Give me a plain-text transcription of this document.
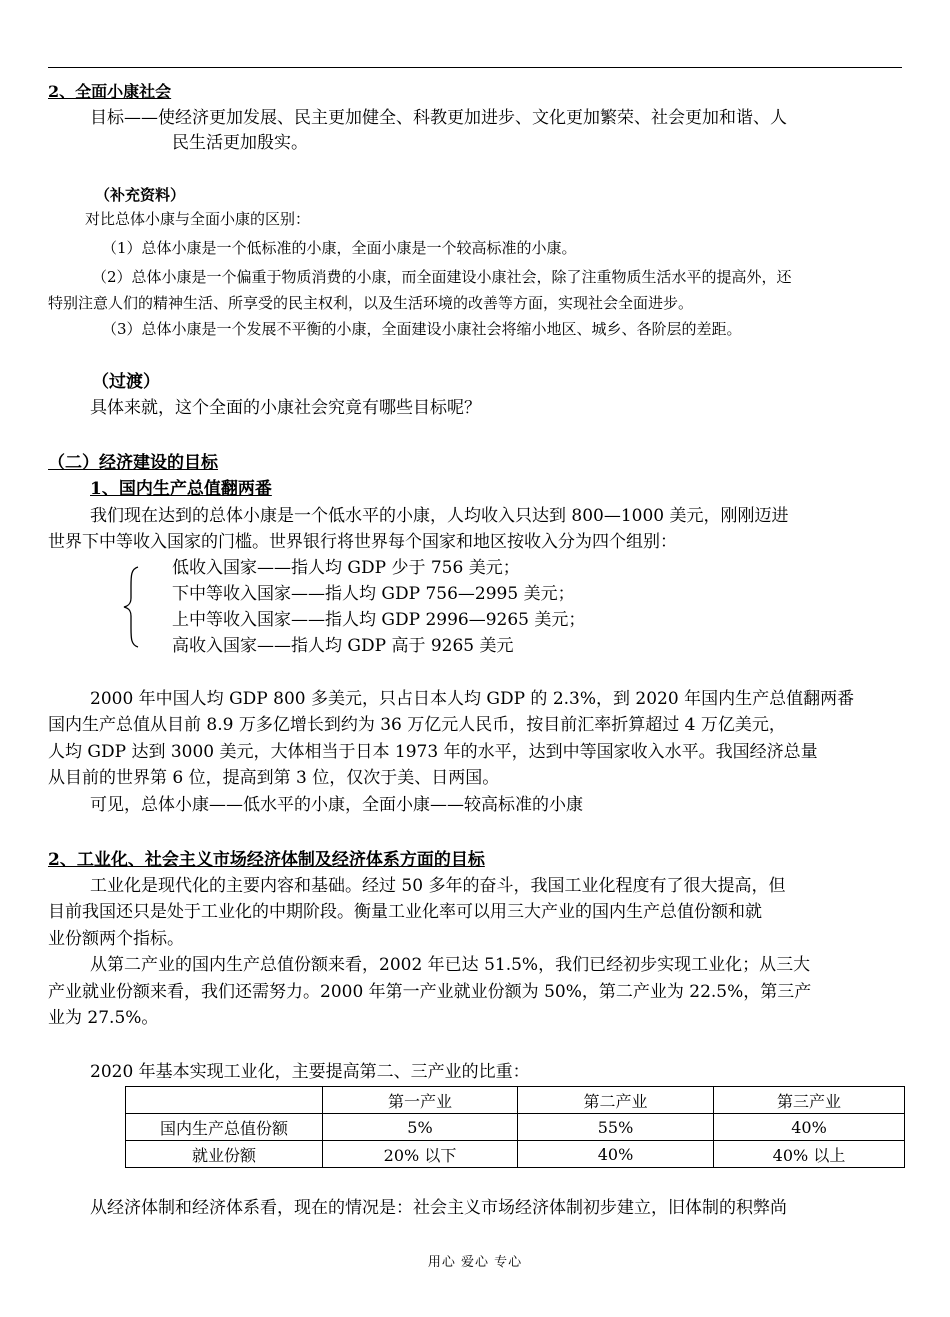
2、全面小康社会
目标——使经济更加发展、民主更加健全、科教更加进步、文化更加繁荣、社会更加和谐、人
民生活更加殷实。
（补充资料）
对比总体小康与全面小康的区别：
（1）总体小康是一个低标准的小康，全面小康是一个较高标准的小康。
（2）总体小康是一个偏重于物质消费的小康，而全面建设小康社会，除了注重物质生活水平的提高外，还
特别注意人们的精神生活、所享受的民主权利，以及生活环境的改善等方面，实现社会全面进步。
（3）总体小康是一个发展不平衡的小康，全面建设小康社会将缩小地区、城乡、各阶层的差距。
（过渡）
具体来就，这个全面的小康社会究竟有哪些目标呢？
（二）经济建设的目标
1、国内生产总值翻两番
我们现在达到的总体小康是一个低水平的小康，人均收入只达到 800—1000 美元，刚刚迈进
世界下中等收入国家的门槛。世界银行将世界每个国家和地区按收入分为四个组别：
低收入国家——指人均 GDP 少于 756 美元；
下中等收入国家——指人均 GDP 756—2995 美元；
上中等收入国家——指人均 GDP 2996—9265 美元；
高收入国家——指人均 GDP 高于 9265 美元
2000 年中国人均 GDP 800 多美元，只占日本人均 GDP 的 2.3%，到 2020 年国内生产总值翻两番
国内生产总值从目前 8.9 万多亿增长到约为 36 万亿元人民币，按目前汇率折算超过 4 万亿美元，
人均 GDP 达到 3000 美元，大体相当于日本 1973 年的水平，达到中等国家收入水平。我国经济总量
从目前的世界第 6 位，提高到第 3 位，仅次于美、日两国。
可见，总体小康——低水平的小康，全面小康——较高标准的小康
2、工业化、社会主义市场经济体制及经济体系方面的目标
工业化是现代化的主要内容和基础。经过 50 多年的奋斗，我国工业化程度有了很大提高，但
目前我国还只是处于工业化的中期阶段。衡量工业化率可以用三大产业的国内生产总值份额和就
业份额两个指标。
从第二产业的国内生产总值份额来看，2002 年已达 51.5%，我们已经初步实现工业化；从三大
产业就业份额来看，我们还需努力。2000 年第一产业就业份额为 50%，第二产业为 22.5%，第三产
业为 27.5%。
2020 年基本实现工业化，主要提高第二、三产业的比重：
	第一产业	第二产业	第三产业
国内生产总值份额	5%	55%	40%
就业份额	20% 以下	40%	40% 以上
从经济体制和经济体系看，现在的情况是：社会主义市场经济体制初步建立，旧体制的积弊尚
用心 爱心 专心
